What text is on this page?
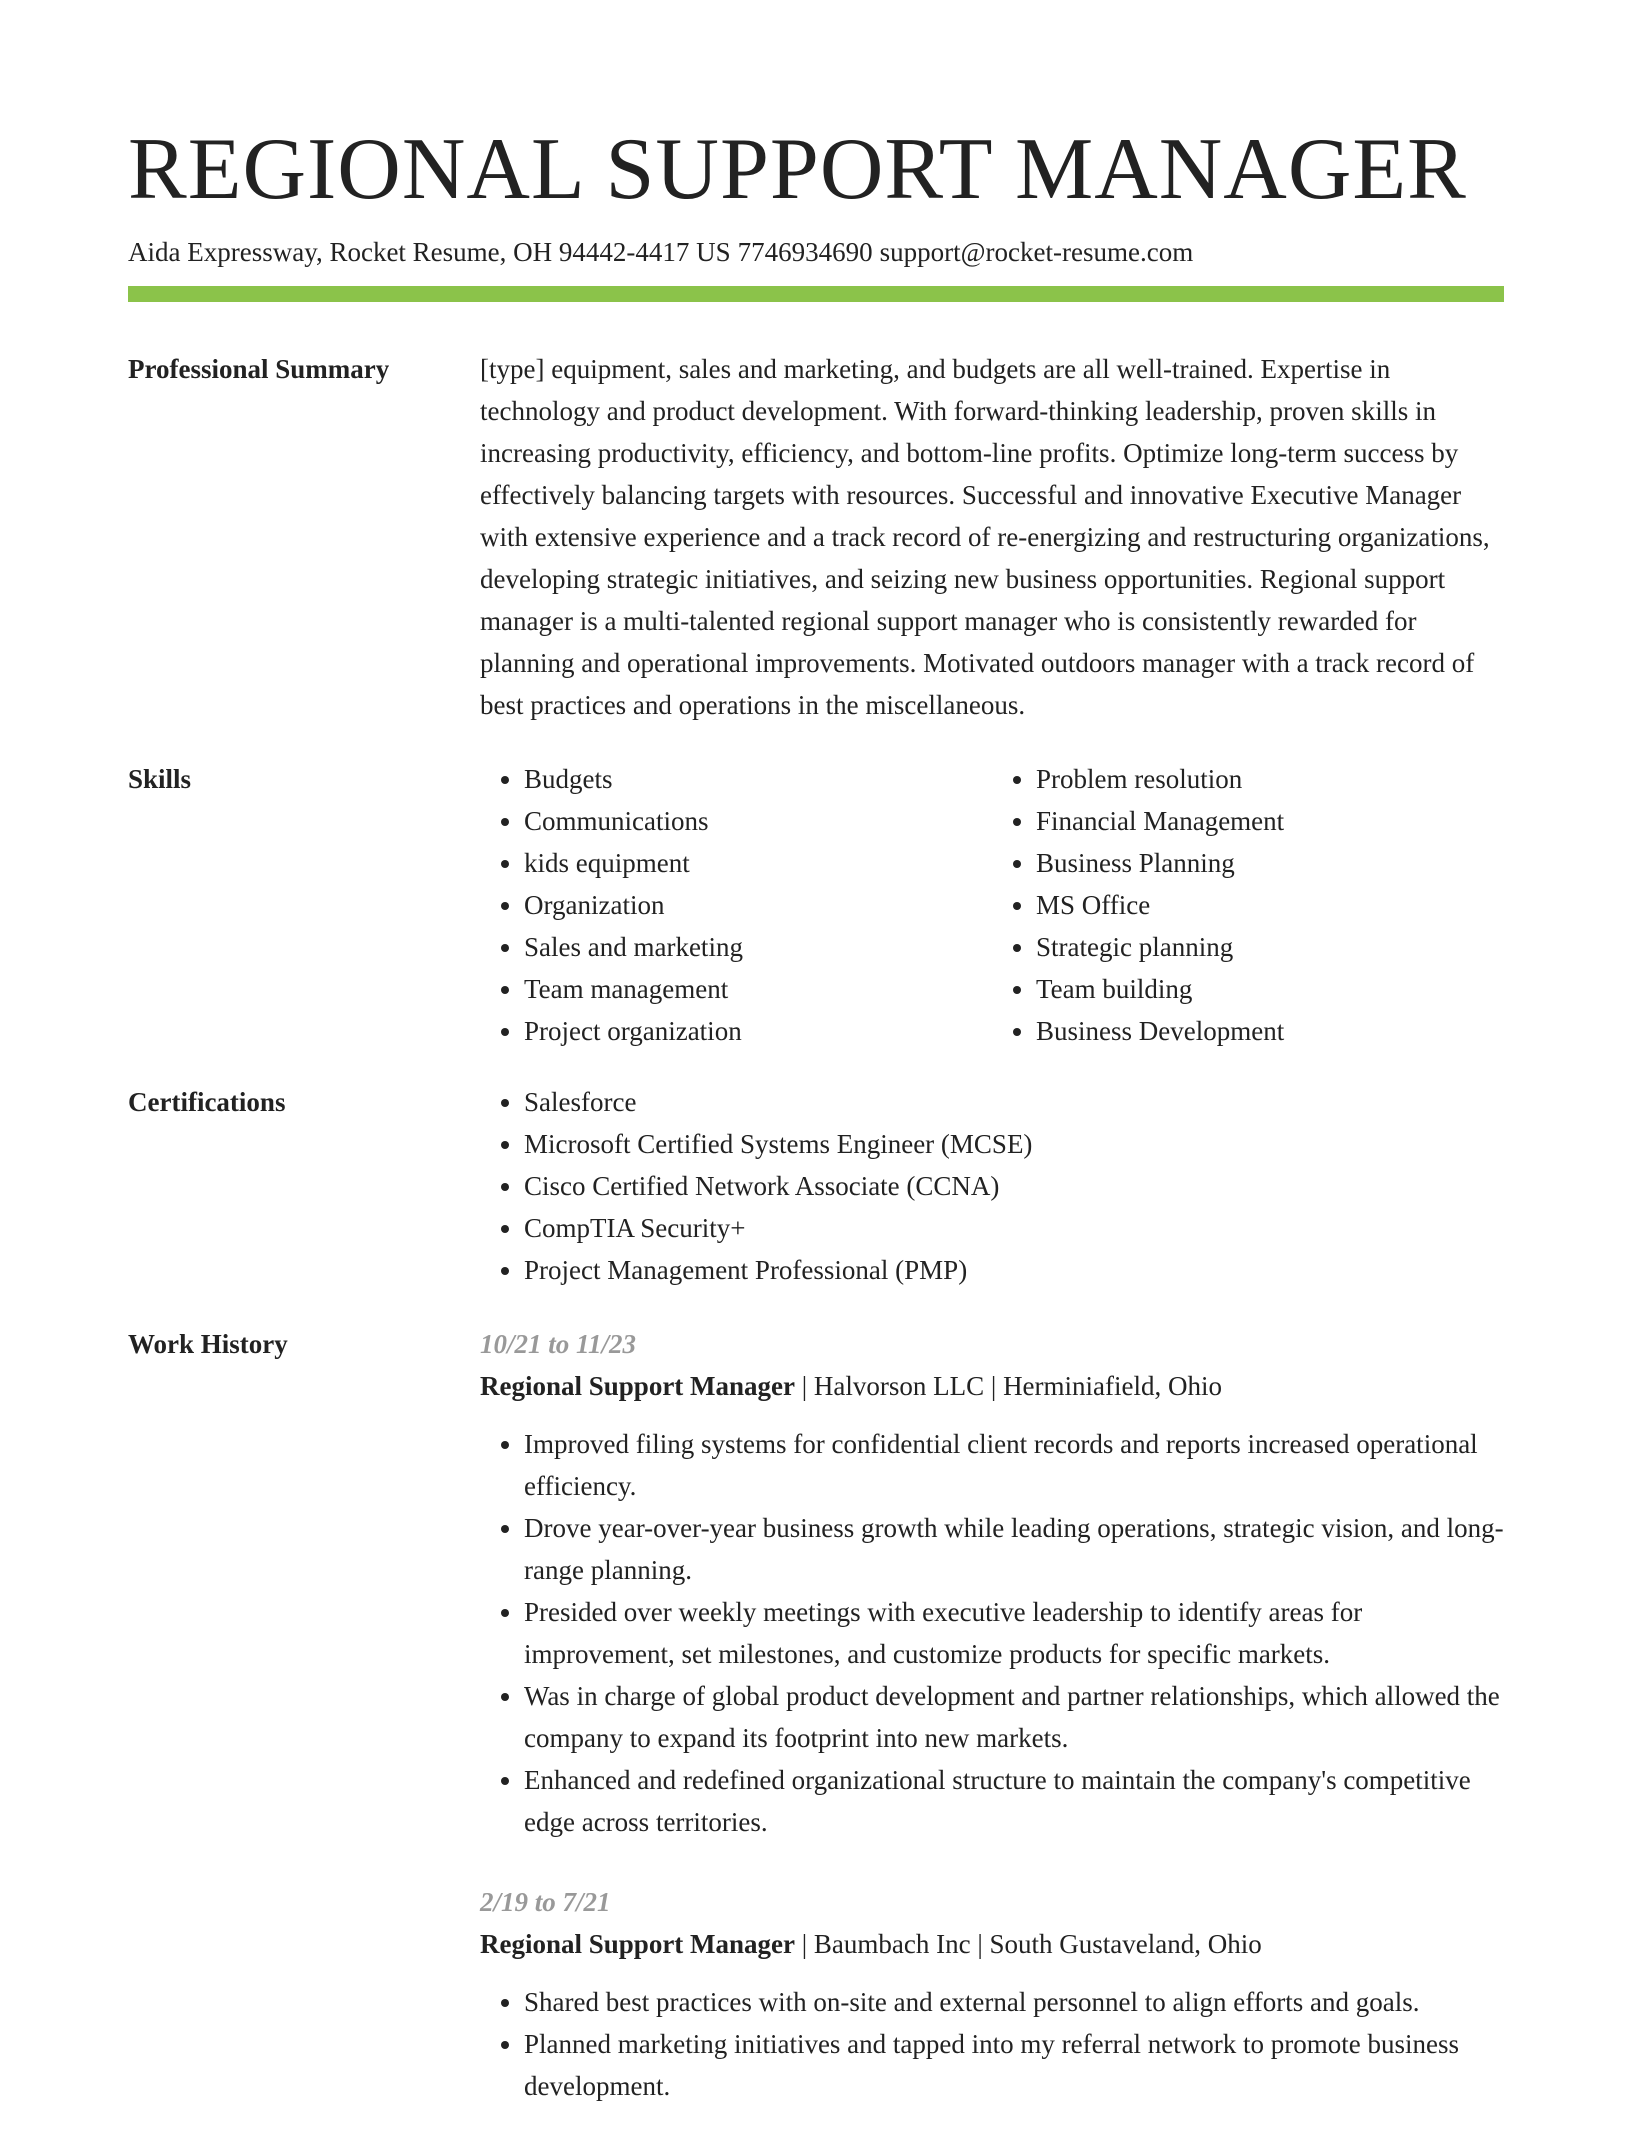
REGIONAL SUPPORT MANAGER
Aida Expressway, Rocket Resume, OH 94442-4417 US 7746934690 support@rocket-resume.com
Professional Summary	[type] equipment, sales and marketing, and budgets are all well-trained. Expertise in technology and product development. With forward-thinking leadership, proven skills in increasing productivity, efficiency, and bottom-line profits. Optimize long-term success by effectively balancing targets with resources. Successful and innovative Executive Manager with extensive experience and a track record of re-energizing and restructuring organizations, developing strategic initiatives, and seizing new business opportunities. Regional support manager is a multi-talented regional support manager who is consistently rewarded for planning and operational improvements. Motivated outdoors manager with a track record of best practices and operations in the miscellaneous.

Skills	• Budgets
• Communications
• kids equipment
• Organization
• Sales and marketing
• Team management
• Project organization
• Problem resolution
• Financial Management
• Business Planning
• MS Office
• Strategic planning
• Team building
• Business Development
Certifications	• Salesforce
• Microsoft Certified Systems Engineer (MCSE)
• Cisco Certified Network Associate (CCNA)
• CompTIA Security+
• Project Management Professional (PMP)
Work History	10/21 to 11/23
Regional Support Manager | Halvorson LLC | Herminiafield, Ohio
• Improved filing systems for confidential client records and reports increased operational efficiency.
• Drove year-over-year business growth while leading operations, strategic vision, and long-range planning.
• Presided over weekly meetings with executive leadership to identify areas for improvement, set milestones, and customize products for specific markets.
• Was in charge of global product development and partner relationships, which allowed the company to expand its footprint into new markets.
• Enhanced and redefined organizational structure to maintain the company's competitive edge across territories.
2/19 to 7/21
Regional Support Manager | Baumbach Inc | South Gustaveland, Ohio
• Shared best practices with on-site and external personnel to align efforts and goals.
• Planned marketing initiatives and tapped into my referral network to promote business development.
